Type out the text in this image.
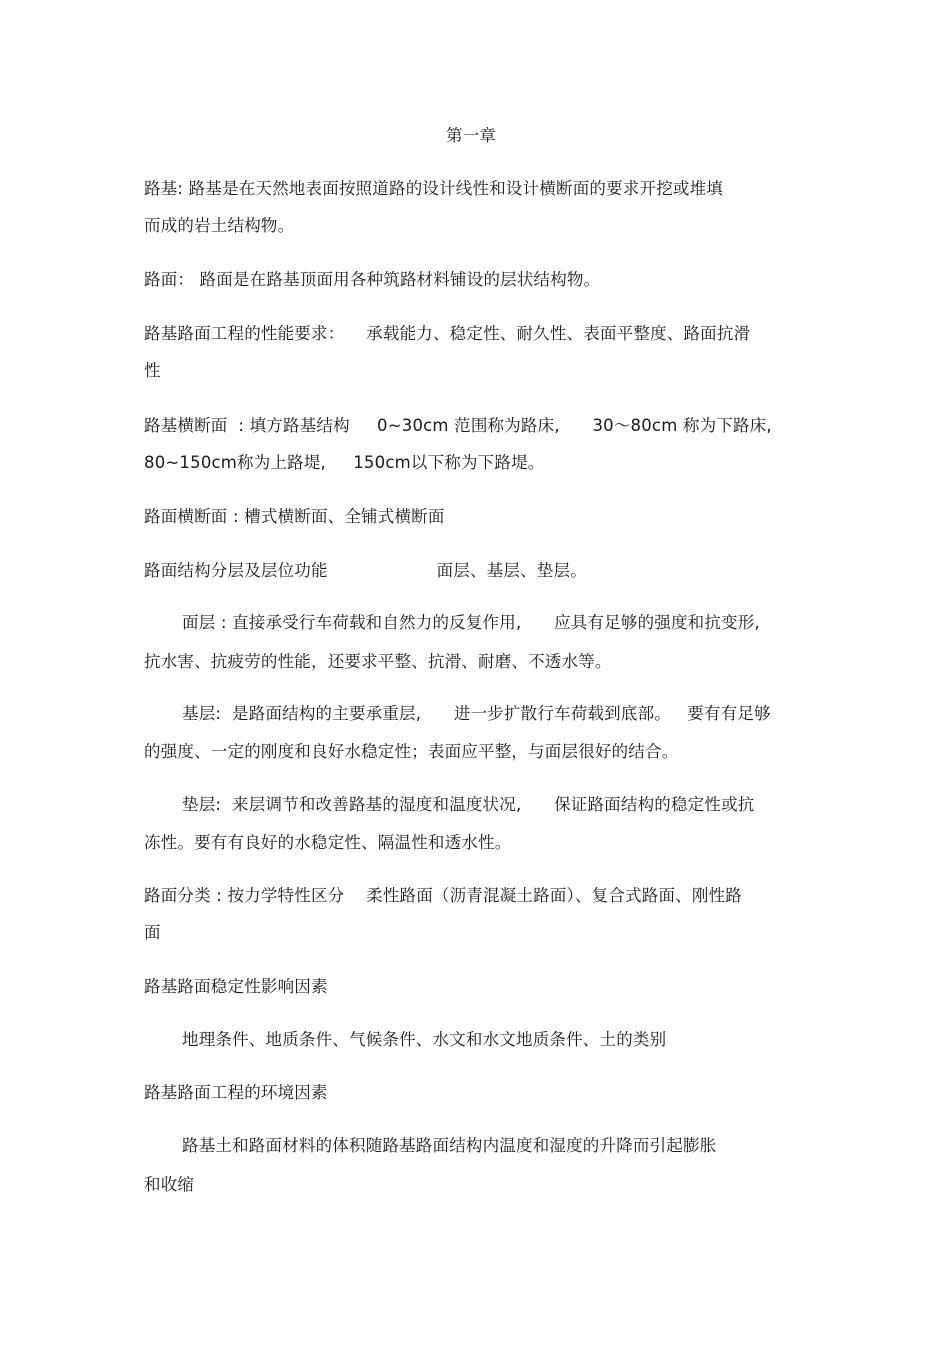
第一章
路基: 路基是在天然地表面按照道路的设计线性和设计横断面的要求开挖或堆填
而成的岩土结构物。
路面： 路面是在路基顶面用各种筑路材料铺设的层状结构物。
路基路面工程的性能要求：    承载能力、稳定性、耐久性、表面平整度、路面抗滑
性
路基横断面  : 填方路基结构     0~30cm 范围称为路床,      30～80cm 称为下路床,
80~150cm称为上路堤,     150cm以下称为下路堤。
路面横断面 : 槽式横断面、全铺式横断面
路面结构分层及层位功能                    面层、基层、垫层。
面层 : 直接承受行车荷载和自然力的反复作用,      应具有足够的强度和抗变形,
抗水害、抗疲劳的性能，还要求平整、抗滑、耐磨、不透水等。
基层:  是路面结构的主要承重层,      进一步扩散行车荷载到底部。   要有有足够
的强度、一定的刚度和良好水稳定性；表面应平整，与面层很好的结合。
垫层:  来层调节和改善路基的湿度和温度状况,      保证路面结构的稳定性或抗
冻性。要有有良好的水稳定性、隔温性和透水性。
路面分类 : 按力学特性区分    柔性路面（沥青混凝土路面）、复合式路面、刚性路
面
路基路面稳定性影响因素
地理条件、地质条件、气候条件、水文和水文地质条件、土的类别
路基路面工程的环境因素
路基土和路面材料的体积随路基路面结构内温度和湿度的升降而引起膨胀
和收缩
